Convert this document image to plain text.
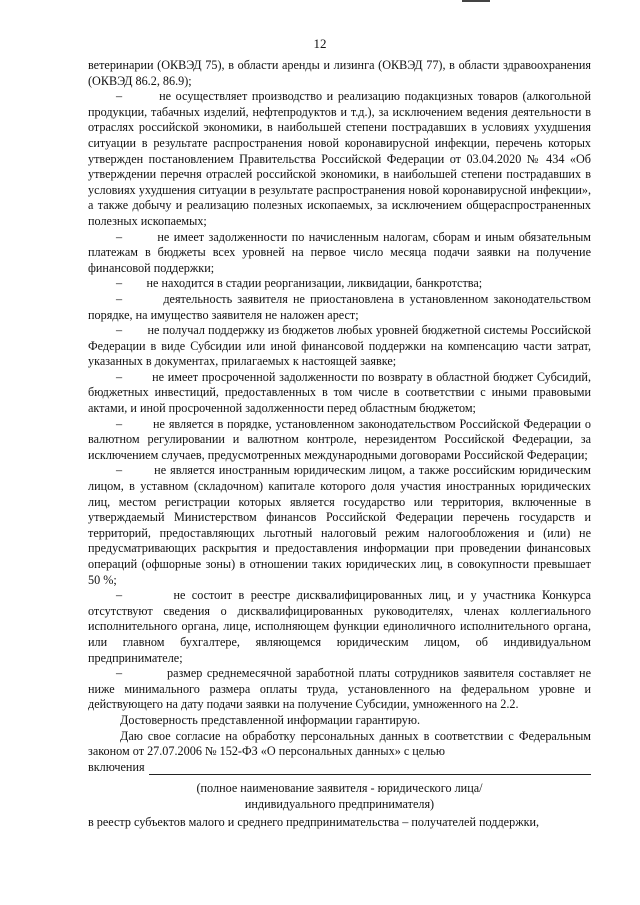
12

ветеринарии (ОКВЭД 75), в области аренды и лизинга (ОКВЭД 77), в области здравоохранения (ОКВЭД 86.2, 86.9);

–        не осуществляет производство и реализацию подакцизных товаров (алкогольной продукции, табачных изделий, нефтепродуктов и т.д.), за исключением ведения деятельности в отраслях российской экономики, в наибольшей степени пострадавших в условиях ухудшения ситуации в результате распространения новой коронавирусной инфекции, перечень которых утвержден постановлением Правительства Российской Федерации от 03.04.2020 № 434 «Об утверждении перечня отраслей российской экономики, в наибольшей степени пострадавших в условиях ухудшения ситуации в результате распространения новой коронавирусной инфекции», а также добычу и реализацию полезных ископаемых, за исключением общераспространенных полезных ископаемых;

–        не имеет задолженности по начисленным налогам, сборам и иным обязательным платежам в бюджеты всех уровней на первое число месяца подачи заявки на получение финансовой поддержки;

–        не находится в стадии реорганизации, ликвидации, банкротства;

–        деятельность заявителя не приостановлена в установленном законодательством порядке, на имущество заявителя не наложен арест;

–        не получал поддержку из бюджетов любых уровней бюджетной системы Российской Федерации в виде Субсидии или иной финансовой поддержки на компенсацию части затрат, указанных в документах, прилагаемых к настоящей заявке;

–        не имеет просроченной задолженности по возврату в областной бюджет Субсидий, бюджетных инвестиций, предоставленных в том числе в соответствии с иными правовыми актами, и иной просроченной задолженности перед областным бюджетом;

–        не является в порядке, установленном законодательством Российской Федерации о валютном регулировании и валютном контроле, нерезидентом Российской Федерации, за исключением случаев, предусмотренных международными договорами Российской Федерации;

–        не является иностранным юридическим лицом, а также российским юридическим лицом, в уставном (складочном) капитале которого доля участия иностранных юридических лиц, местом регистрации которых является государство или территория, включенные в утверждаемый Министерством финансов Российской Федерации перечень государств и территорий, предоставляющих льготный налоговый режим налогообложения и (или) не предусматривающих раскрытия и предоставления информации при проведении финансовых операций (офшорные зоны) в отношении таких юридических лиц, в совокупности превышает 50 %;

–        не состоит в реестре дисквалифицированных лиц, и у участника Конкурса отсутствуют сведения о дисквалифицированных руководителях, членах коллегиального исполнительного органа, лице, исполняющем функции единоличного исполнительного органа, или главном бухгалтере, являющемся юридическим лицом, об индивидуальном предпринимателе;

–          размер среднемесячной заработной платы сотрудников заявителя составляет не ниже минимального размера оплаты труда, установленного на федеральном уровне и действующего на дату подачи заявки на получение Субсидии, умноженного на 2.2.

Достоверность представленной информации гарантирую.

Даю свое согласие на обработку персональных данных в соответствии с Федеральным законом от 27.07.2006 № 152-ФЗ «О персональных данных» с целью

включения

(полное наименование заявителя - юридического лица/
индивидуального предпринимателя)

в реестр субъектов малого и среднего предпринимательства – получателей поддержки,
